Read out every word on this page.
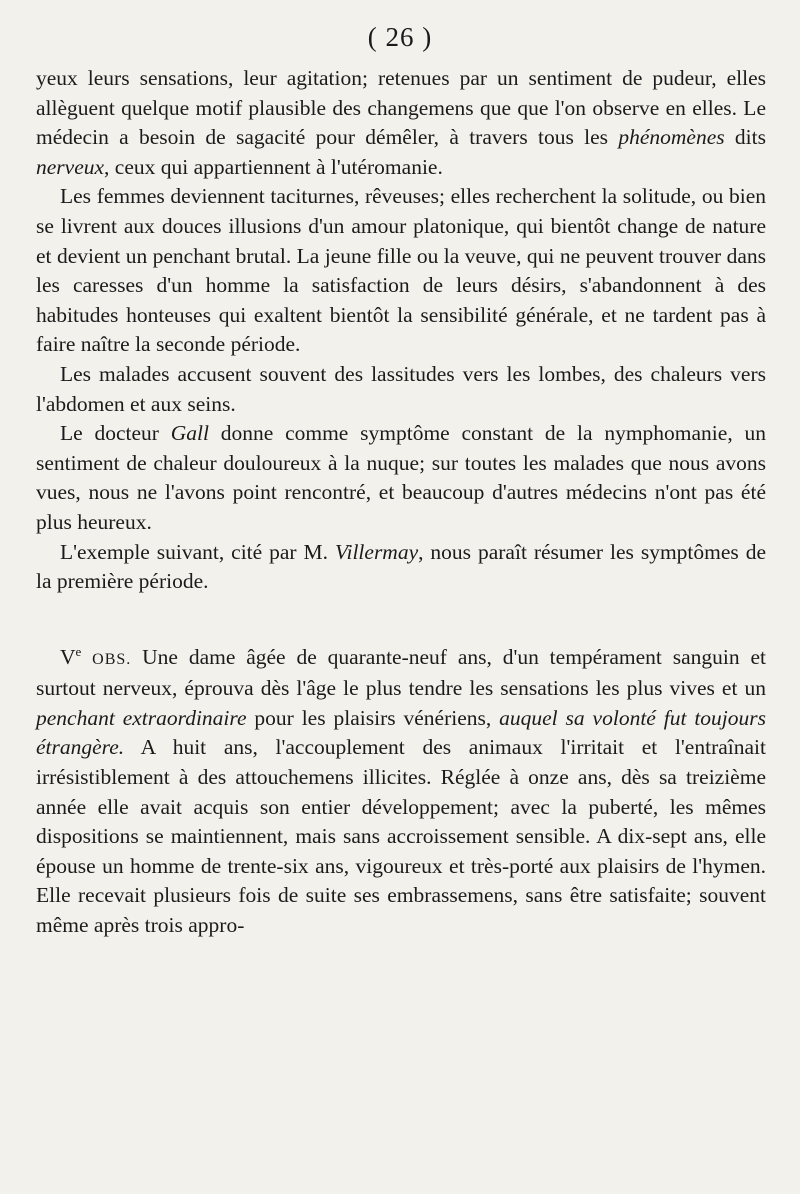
( 26 )

yeux leurs sensations, leur agitation; retenues par un sentiment de pudeur, elles allèguent quelque motif plausible des changemens que que l'on observe en elles. Le médecin a besoin de sagacité pour démêler, à travers tous les phénomènes dits nerveux, ceux qui appartiennent à l'utéromanie.

Les femmes deviennent taciturnes, rêveuses; elles recherchent la solitude, ou bien se livrent aux douces illusions d'un amour platonique, qui bientôt change de nature et devient un penchant brutal. La jeune fille ou la veuve, qui ne peuvent trouver dans les caresses d'un homme la satisfaction de leurs désirs, s'abandonnent à des habitudes honteuses qui exaltent bientôt la sensibilité générale, et ne tardent pas à faire naître la seconde période.

Les malades accusent souvent des lassitudes vers les lombes, des chaleurs vers l'abdomen et aux seins.

Le docteur Gall donne comme symptôme constant de la nymphomanie, un sentiment de chaleur douloureux à la nuque; sur toutes les malades que nous avons vues, nous ne l'avons point rencontré, et beaucoup d'autres médecins n'ont pas été plus heureux.

L'exemple suivant, cité par M. Villermay, nous paraît résumer les symptômes de la première période.

Ve OBS. Une dame âgée de quarante-neuf ans, d'un tempérament sanguin et surtout nerveux, éprouva dès l'âge le plus tendre les sensations les plus vives et un penchant extraordinaire pour les plaisirs vénériens, auquel sa volonté fut toujours étrangère. A huit ans, l'accouplement des animaux l'irritait et l'entraînait irrésistiblement à des attouchemens illicites. Réglée à onze ans, dès sa treizième année elle avait acquis son entier développement; avec la puberté, les mêmes dispositions se maintiennent, mais sans accroissement sensible. A dix-sept ans, elle épouse un homme de trente-six ans, vigoureux et très-porté aux plaisirs de l'hymen. Elle recevait plusieurs fois de suite ses embrassemens, sans être satisfaite; souvent même après trois appro-
